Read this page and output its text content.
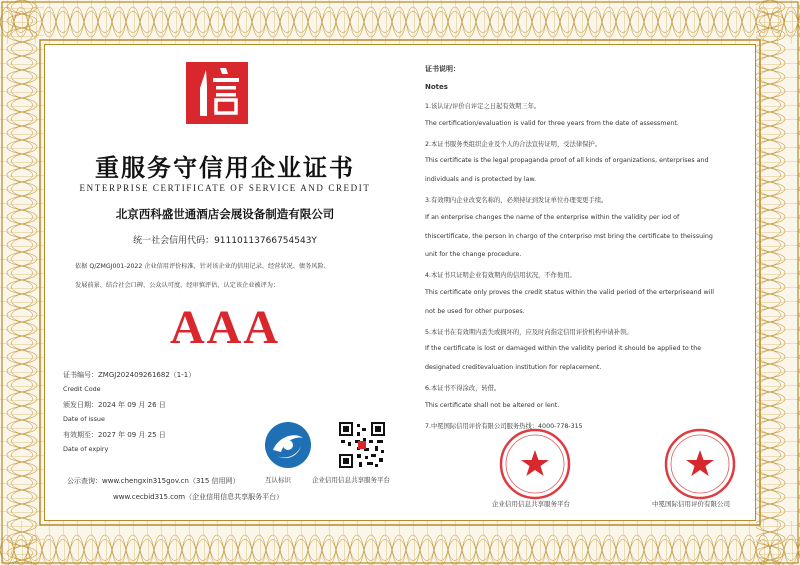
重服务守信用企业证书
ENTERPRISE CERTIFICATE OF SERVICE AND CREDIT
北京西科盛世通酒店会展设备制造有限公司
统一社会信用代码：91110113766754543Y
依据 Q/ZMGJ001-2022 企业信用评价标准，针对该企业的信用记录、经营状况、债务风险、
发展前景、结合社会口碑、公众认可度，经审慎评估，认定该企业被评为：
AAA
证书编号：ZMGJ202409261682（1-1）
Credit Code
颁发日期：2024 年 09 月 26 日
Date of issue
有效期至：2027 年 09 月 25 日
Date of expiry
互认标识	企业信用信息共享服务平台
公示查询：www.chengxin315gov.cn（315 信用网）
www.cecbid315.com（企业信用信息共享服务平台）
证书说明：
Notes
1.该认证/评价自评定之日起有效期三年。
The certification/evaluation is valid for three years from the date of assessment.
2.本证书服务类组织企业及个人的合法宣传证明，受法律保护。
This certificate is the legal propaganda proof of all kinds of organizations, enterprises and
individuals and is protected by law.
3.有效期内企业改变名称的，必须持证到发证单位办理变更手续。
If an enterprise changes the name of the enterprise within the validity per iod of
thiscertificate, the person in chargo of the cnterpriso mst bring the certificate to theissuing
unit for the change procedure.
4.本证书只证明企业有效期内的信用状况，不作他用。
This certificate only proves the credit status within the valid period of the erterpriseand will
not be used for other purposes.
5.本证书在有效期内丢失或损坏的，应及时向指定信用评价机构申请补领。
If the certificate is lost or damaged within the validity period it should be applied to the
designated creditevaluation institution for replacement.
6.本证书不得涂改，转借。
This certificate shall not be altered or lent.
7.中冕国际信用评价有限公司服务热线：4000-778-315
企业信用信息共享服务平台	中冕国际信用评价有限公司
